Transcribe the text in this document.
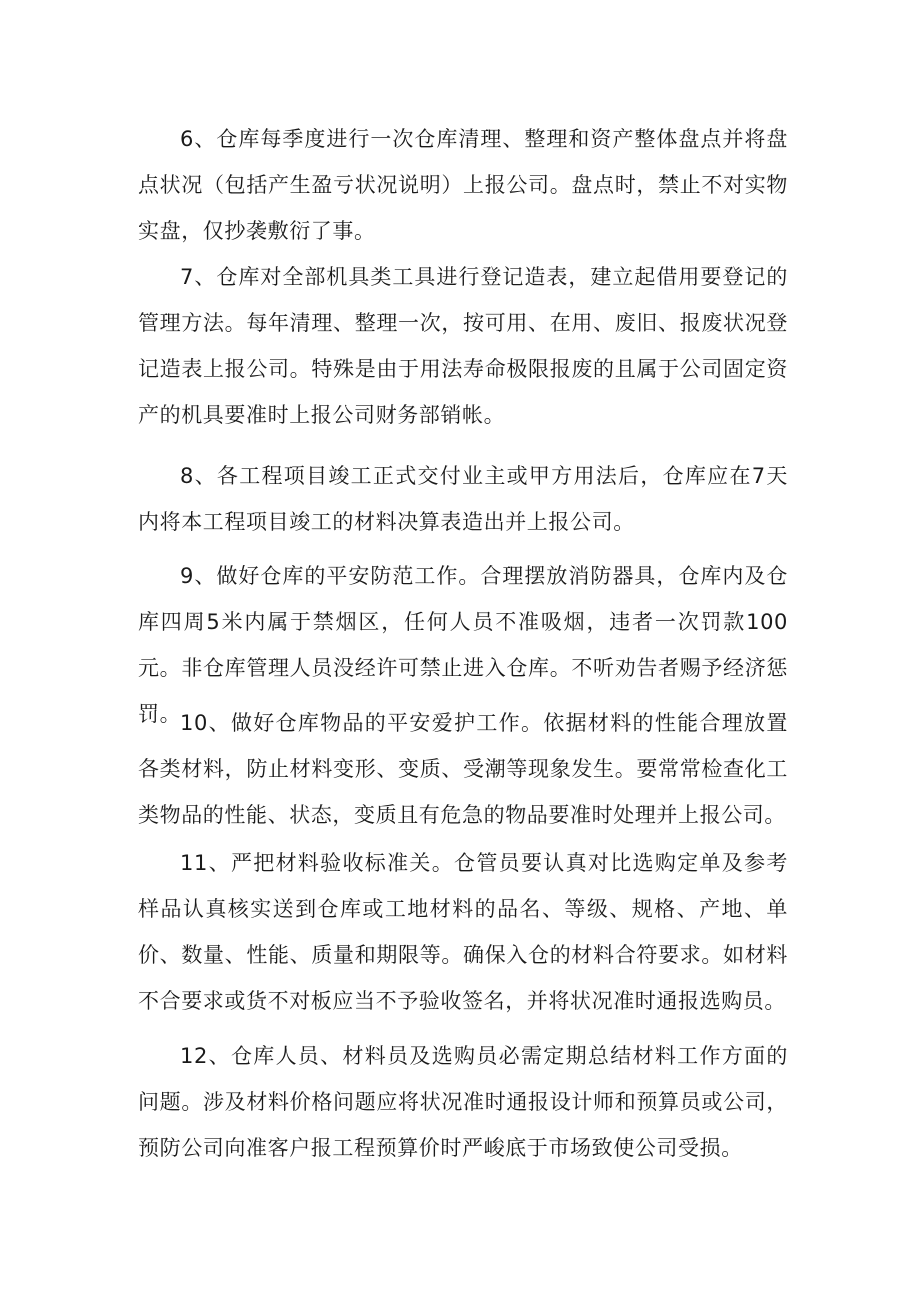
6、仓库每季度进行一次仓库清理、整理和资产整体盘点并将盘点状况（包括产生盈亏状况说明）上报公司。盘点时，禁止不对实物实盘，仅抄袭敷衍了事。

7、仓库对全部机具类工具进行登记造表，建立起借用要登记的管理方法。每年清理、整理一次，按可用、在用、废旧、报废状况登记造表上报公司。特殊是由于用法寿命极限报废的且属于公司固定资产的机具要准时上报公司财务部销帐。

8、各工程项目竣工正式交付业主或甲方用法后，仓库应在7天内将本工程项目竣工的材料决算表造出并上报公司。

9、做好仓库的平安防范工作。合理摆放消防器具，仓库内及仓库四周5米内属于禁烟区，任何人员不准吸烟，违者一次罚款100元。非仓库管理人员没经许可禁止进入仓库。不听劝告者赐予经济惩罚。

10、做好仓库物品的平安爱护工作。依据材料的性能合理放置各类材料，防止材料变形、变质、受潮等现象发生。要常常检查化工类物品的性能、状态，变质且有危急的物品要准时处理并上报公司。

11、严把材料验收标准关。仓管员要认真对比选购定单及参考样品认真核实送到仓库或工地材料的品名、等级、规格、产地、单价、数量、性能、质量和期限等。确保入仓的材料合符要求。如材料不合要求或货不对板应当不予验收签名，并将状况准时通报选购员。

12、仓库人员、材料员及选购员必需定期总结材料工作方面的问题。涉及材料价格问题应将状况准时通报设计师和预算员或公司，预防公司向准客户报工程预算价时严峻底于市场致使公司受损。
